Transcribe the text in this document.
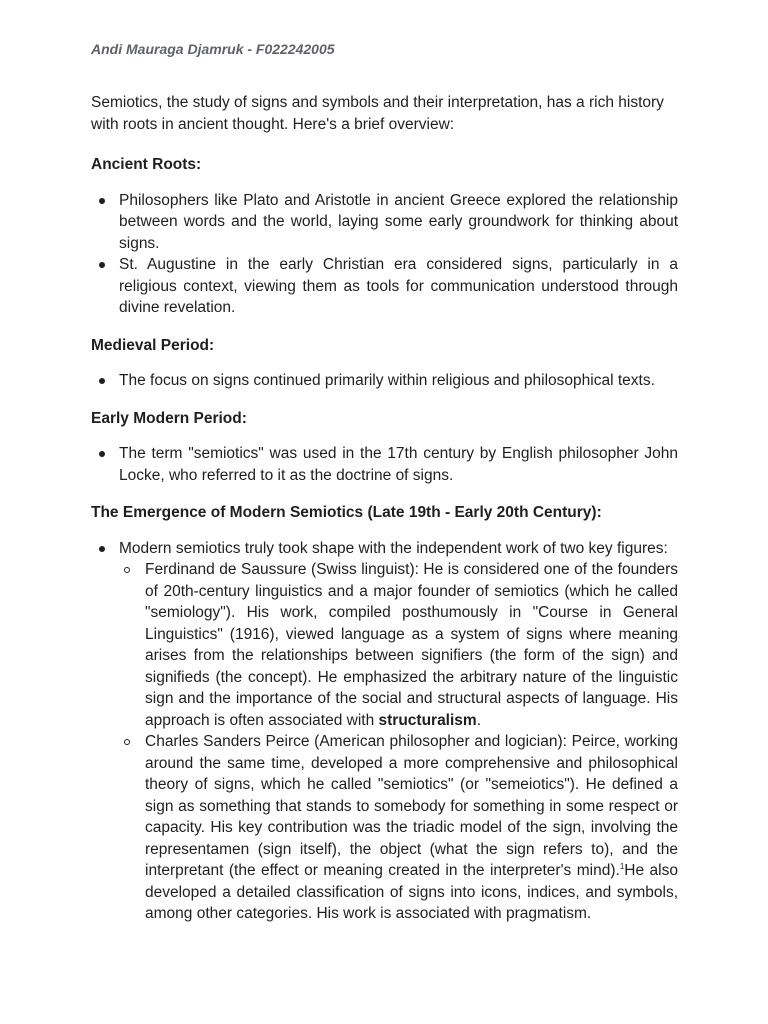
Andi Mauraga Djamruk - F022242005

Semiotics, the study of signs and symbols and their interpretation, has a rich history with roots in ancient thought. Here's a brief overview:

Ancient Roots:

Philosophers like Plato and Aristotle in ancient Greece explored the relationship between words and the world, laying some early groundwork for thinking about signs.
St. Augustine in the early Christian era considered signs, particularly in a religious context, viewing them as tools for communication understood through divine revelation.

Medieval Period:

The focus on signs continued primarily within religious and philosophical texts.

Early Modern Period:

The term "semiotics" was used in the 17th century by English philosopher John Locke, who referred to it as the doctrine of signs.

The Emergence of Modern Semiotics (Late 19th - Early 20th Century):

Modern semiotics truly took shape with the independent work of two key figures:
Ferdinand de Saussure (Swiss linguist): He is considered one of the founders of 20th-century linguistics and a major founder of semiotics (which he called "semiology"). His work, compiled posthumously in "Course in General Linguistics" (1916), viewed language as a system of signs where meaning arises from the relationships between signifiers (the form of the sign) and signifieds (the concept). He emphasized the arbitrary nature of the linguistic sign and the importance of the social and structural aspects of language. His approach is often associated with structuralism.
Charles Sanders Peirce (American philosopher and logician): Peirce, working around the same time, developed a more comprehensive and philosophical theory of signs, which he called "semiotics" (or "semeiotics"). He defined a sign as something that stands to somebody for something in some respect or capacity. His key contribution was the triadic model of the sign, involving the representamen (sign itself), the object (what the sign refers to), and the interpretant (the effect or meaning created in the interpreter's mind).$^1$He also developed a detailed classification of signs into icons, indices, and symbols, among other categories. His work is associated with pragmatism.
